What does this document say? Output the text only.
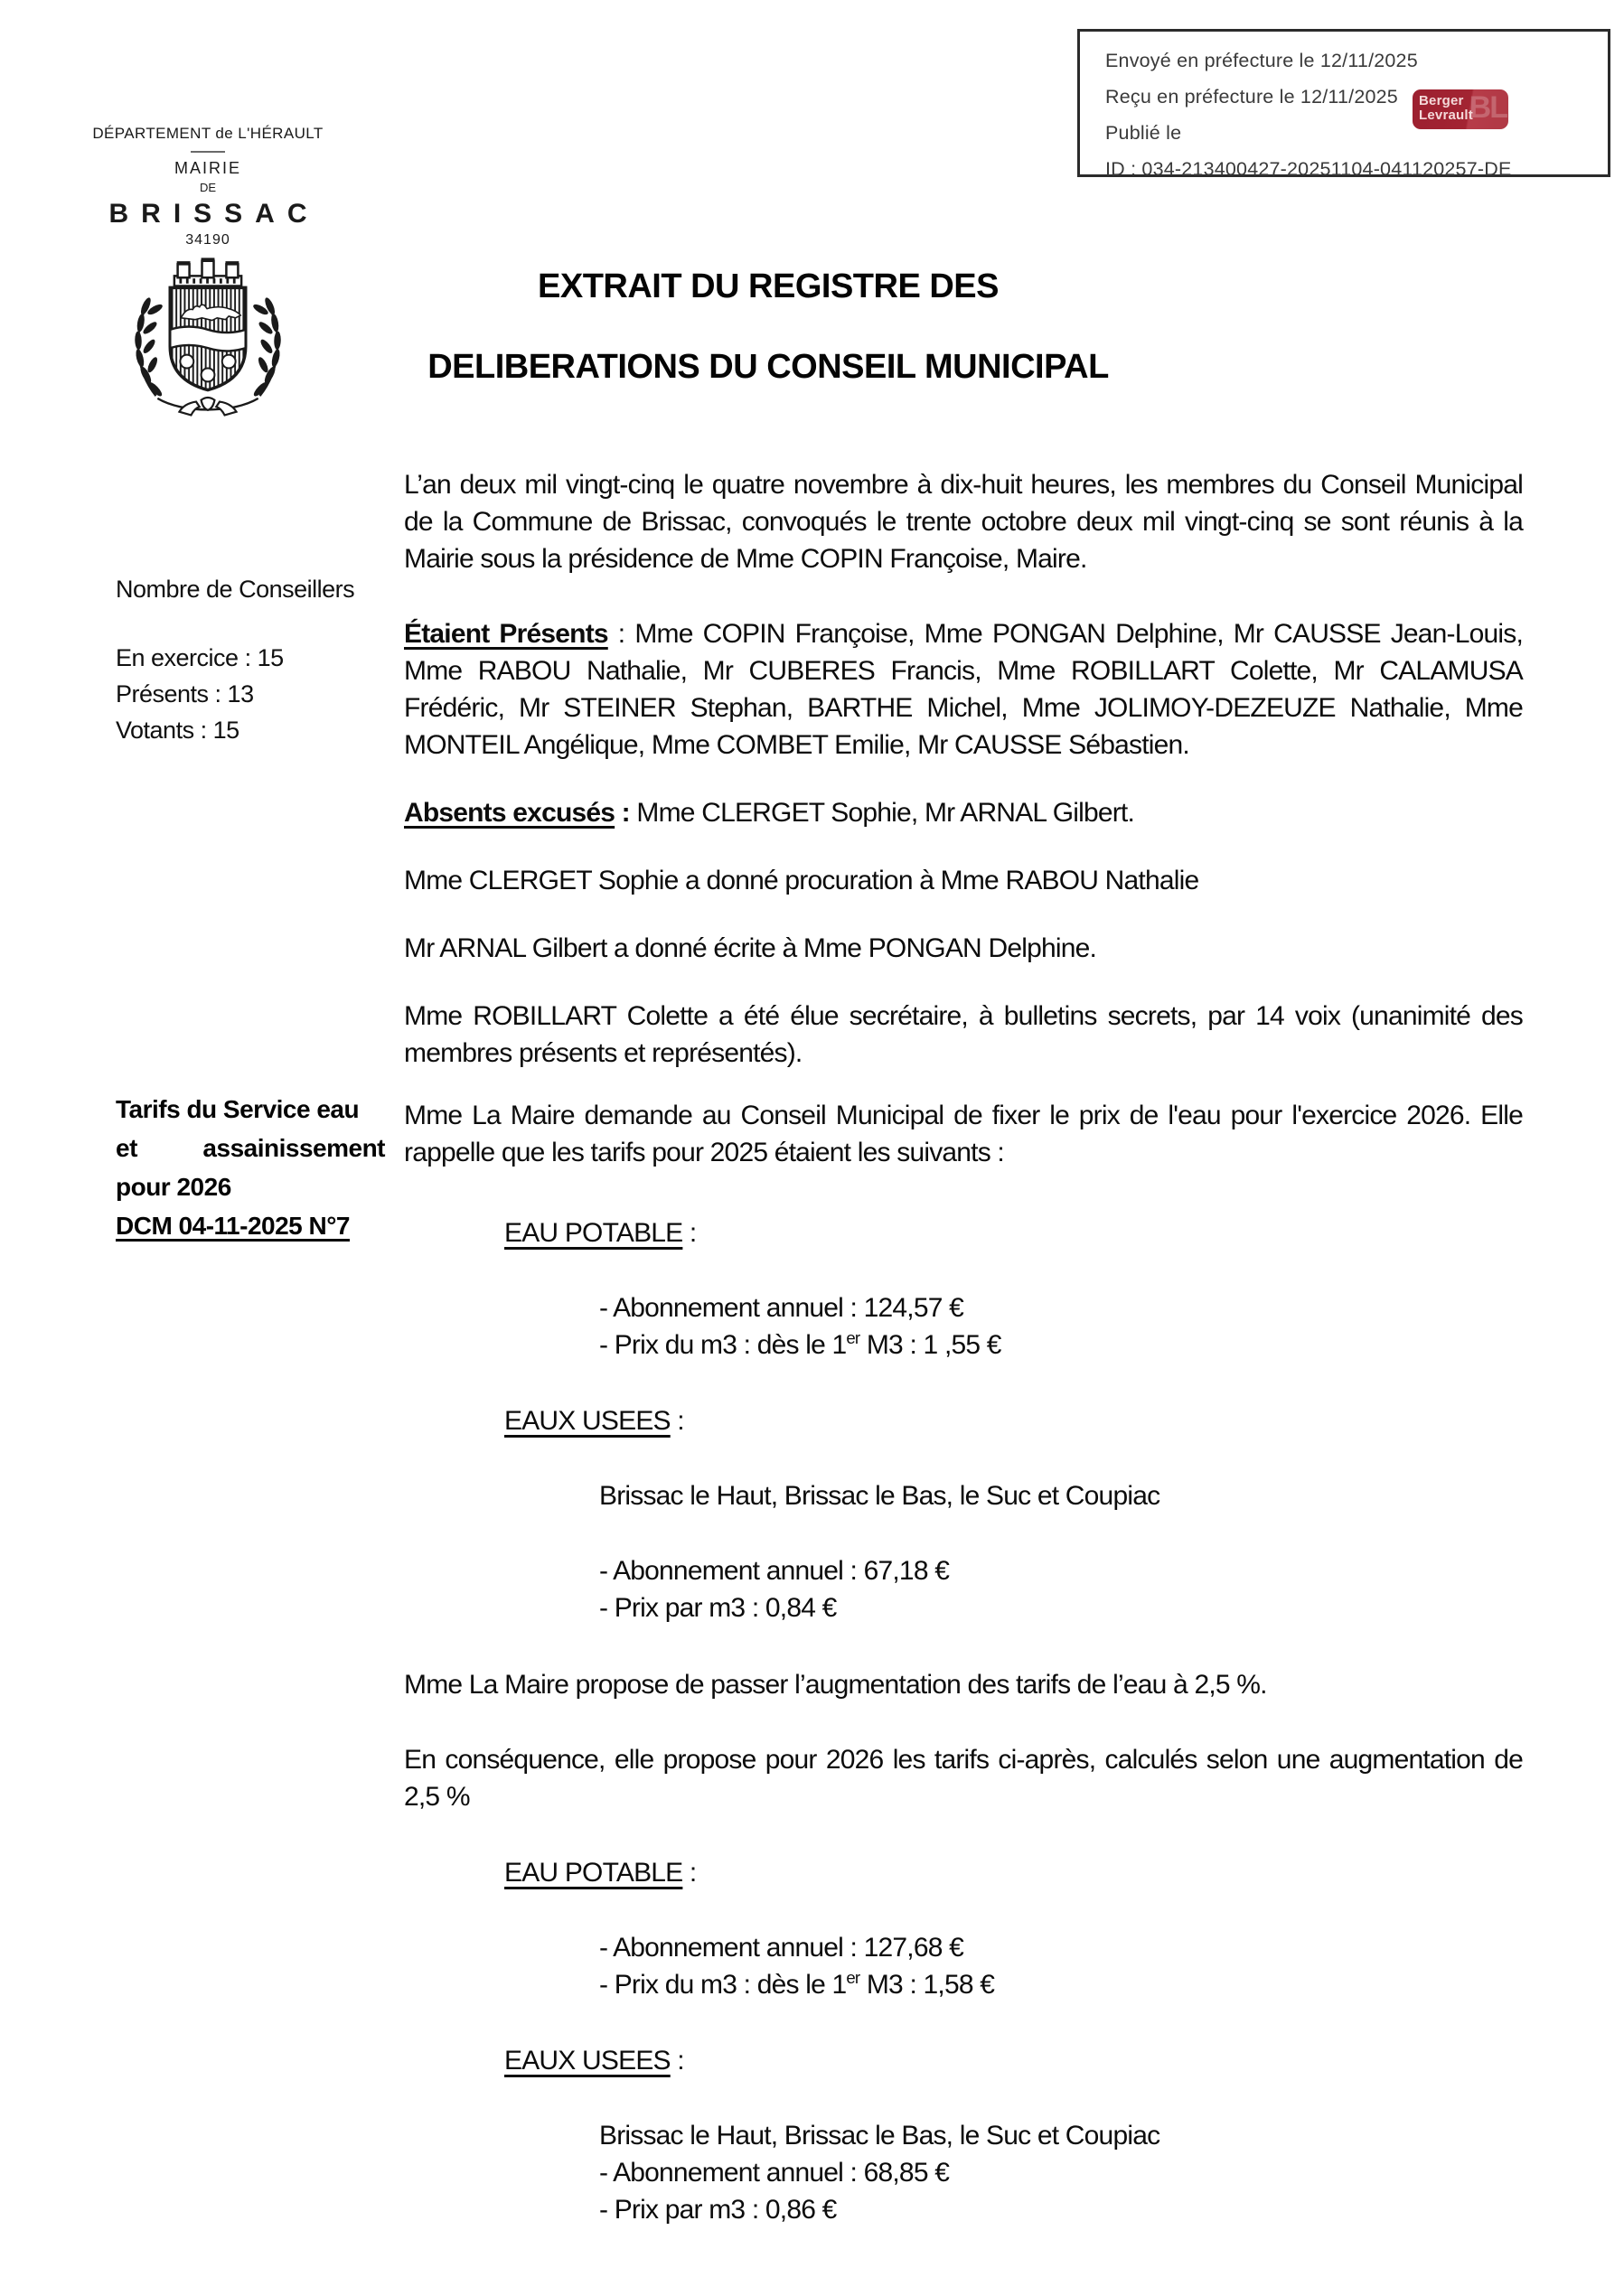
Envoyé en préfecture le 12/11/2025
Reçu en préfecture le 12/11/2025
Publié le
ID : 034-213400427-20251104-041120257-DE
Berger
Levrault
BL
DÉPARTEMENT de L'HÉRAULT
MAIRIE
DE
BRISSAC
34190
EXTRAIT DU REGISTRE DES
DELIBERATIONS DU CONSEIL MUNICIPAL
Nombre de Conseillers
En exercice : 15
Présents : 13
Votants : 15
Tarifs du Service eau
et assainissement
pour 2026
DCM 04-11-2025 N°7

L’an deux mil vingt-cinq le quatre novembre à dix-huit heures, les membres du Conseil Municipal de la Commune de Brissac, convoqués le trente octobre deux mil vingt-cinq se sont réunis à la Mairie sous la présidence de Mme COPIN Françoise, Maire.

Étaient Présents : Mme COPIN Françoise, Mme PONGAN Delphine, Mr CAUSSE Jean-Louis, Mme RABOU Nathalie, Mr CUBERES Francis, Mme ROBILLART Colette, Mr CALAMUSA Frédéric, Mr STEINER Stephan, BARTHE Michel, Mme JOLIMOY-DEZEUZE Nathalie, Mme MONTEIL Angélique, Mme COMBET Emilie, Mr CAUSSE Sébastien.

Absents excusés : Mme CLERGET Sophie, Mr ARNAL Gilbert.

Mme CLERGET Sophie a donné procuration à Mme RABOU Nathalie

Mr ARNAL Gilbert a donné écrite à Mme PONGAN Delphine.

Mme ROBILLART Colette a été élue secrétaire, à bulletins secrets, par 14 voix (unanimité des membres présents et représentés).

Mme La Maire demande au Conseil Municipal de fixer le prix de l'eau pour l'exercice 2026. Elle rappelle que les tarifs pour 2025 étaient les suivants :

EAU POTABLE :

- Abonnement annuel : 124,57 €

- Prix du m3 : dès le 1er M3 : 1 ,55 €

EAUX USEES :

Brissac le Haut, Brissac le Bas, le Suc et Coupiac

- Abonnement annuel : 67,18 €

- Prix par m3 : 0,84 €

Mme La Maire propose de passer l’augmentation des tarifs de l’eau à 2,5 %.

En conséquence, elle propose pour 2026 les tarifs ci-après, calculés selon une augmentation de 2,5 %

EAU POTABLE :

- Abonnement annuel : 127,68 €

- Prix du m3 : dès le 1er M3 : 1,58 €

EAUX USEES :

Brissac le Haut, Brissac le Bas, le Suc et Coupiac

- Abonnement annuel : 68,85 €

- Prix par m3 : 0,86 €
